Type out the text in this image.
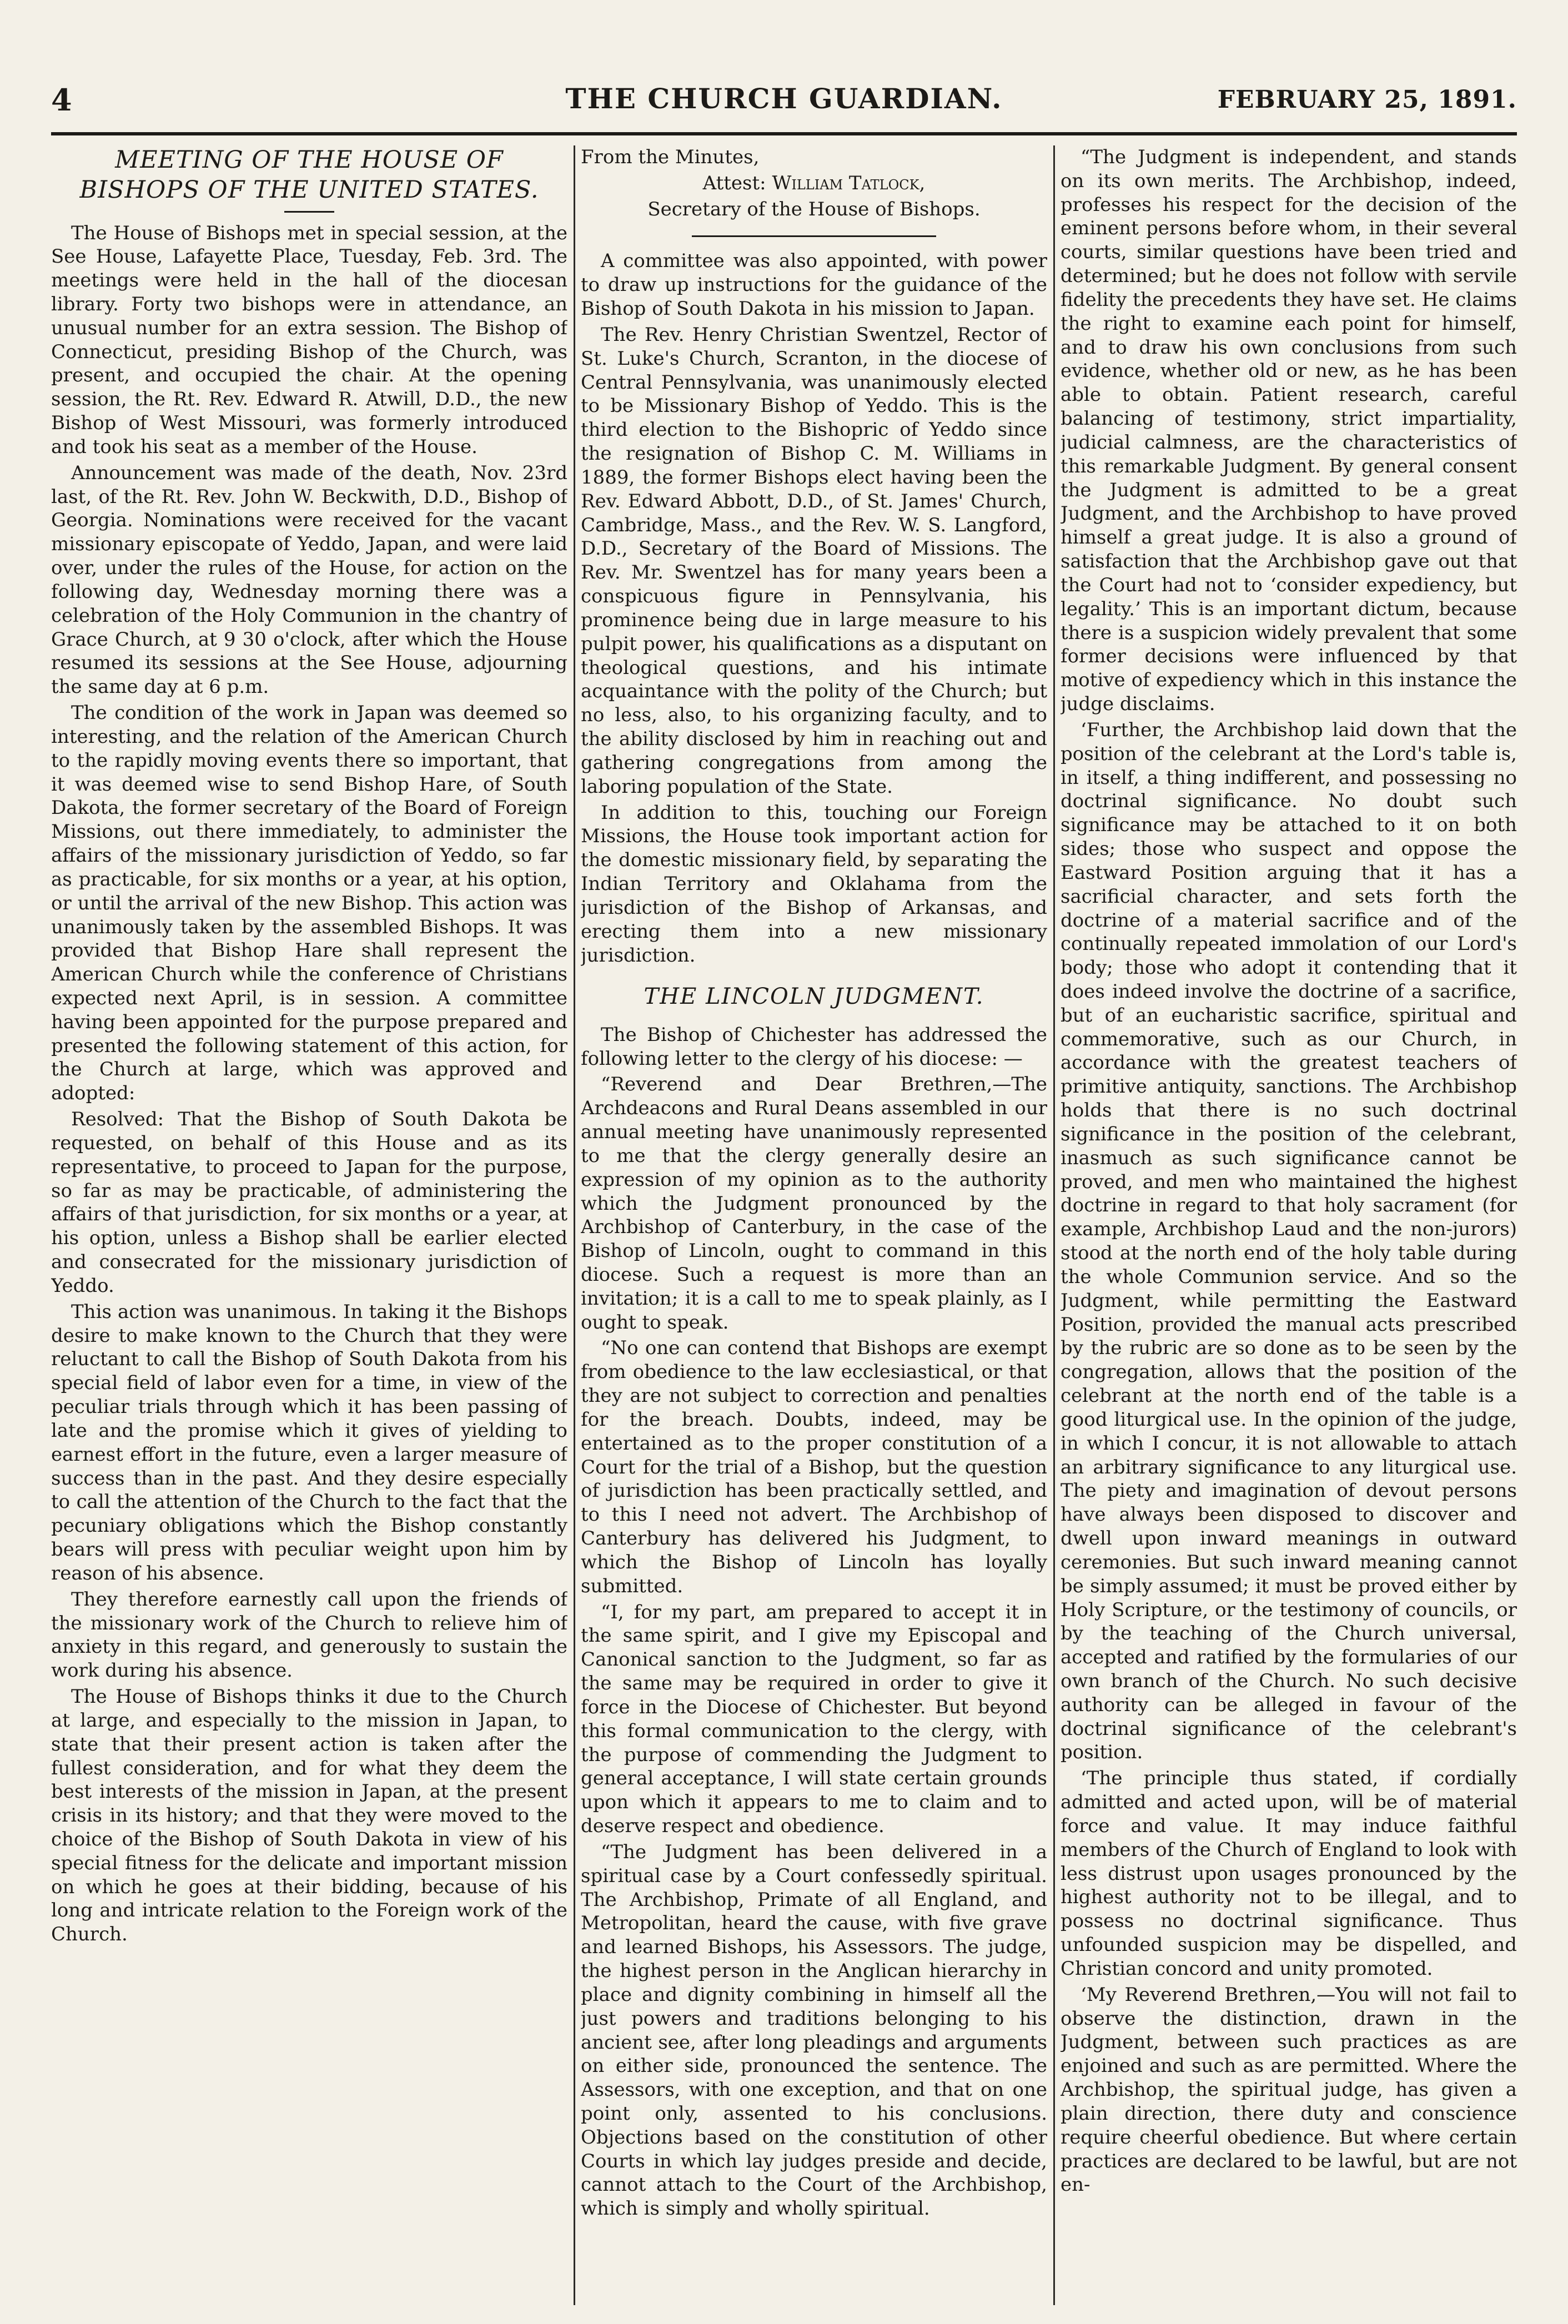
4	THE CHURCH GUARDIAN.	FEBRUARY 25, 1891.
MEETING OF THE HOUSE OF BISHOPS OF THE UNITED STATES.

The House of Bishops met in special session, at the See House, Lafayette Place, Tuesday, Feb. 3rd. The meetings were held in the hall of the diocesan library. Forty two bishops were in attendance, an unusual number for an extra session. The Bishop of Connecticut, presiding Bishop of the Church, was present, and occupied the chair. At the opening session, the Rt. Rev. Edward R. Atwill, D.D., the new Bishop of West Missouri, was formerly introduced and took his seat as a member of the House.

Announcement was made of the death, Nov. 23rd last, of the Rt. Rev. John W. Beckwith, D.D., Bishop of Georgia. Nominations were received for the vacant missionary episcopate of Yeddo, Japan, and were laid over, under the rules of the House, for action on the following day, Wednesday morning there was a celebration of the Holy Communion in the chantry of Grace Church, at 9 30 o'clock, after which the House resumed its sessions at the See House, adjourning the same day at 6 p.m.

The condition of the work in Japan was deemed so interesting, and the relation of the American Church to the rapidly moving events there so important, that it was deemed wise to send Bishop Hare, of South Dakota, the former secretary of the Board of Foreign Missions, out there immediately, to administer the affairs of the missionary jurisdiction of Yeddo, so far as practicable, for six months or a year, at his option, or until the arrival of the new Bishop. This action was unanimously taken by the assembled Bishops. It was provided that Bishop Hare shall represent the American Church while the conference of Christians expected next April, is in session. A committee having been appointed for the purpose prepared and presented the following statement of this action, for the Church at large, which was approved and adopted:

Resolved: That the Bishop of South Dakota be requested, on behalf of this House and as its representative, to proceed to Japan for the purpose, so far as may be practicable, of administering the affairs of that jurisdiction, for six months or a year, at his option, unless a Bishop shall be earlier elected and consecrated for the missionary jurisdiction of Yeddo.

This action was unanimous. In taking it the Bishops desire to make known to the Church that they were reluctant to call the Bishop of South Dakota from his special field of labor even for a time, in view of the peculiar trials through which it has been passing of late and the promise which it gives of yielding to earnest effort in the future, even a larger measure of success than in the past. And they desire especially to call the attention of the Church to the fact that the pecuniary obligations which the Bishop constantly bears will press with peculiar weight upon him by reason of his absence.

They therefore earnestly call upon the friends of the missionary work of the Church to relieve him of anxiety in this regard, and generously to sustain the work during his absence.

The House of Bishops thinks it due to the Church at large, and especially to the mission in Japan, to state that their present action is taken after the fullest consideration, and for what they deem the best interests of the mission in Japan, at the present crisis in its history; and that they were moved to the choice of the Bishop of South Dakota in view of his special fitness for the delicate and important mission on which he goes at their bidding, because of his long and intricate relation to the Foreign work of the Church.

From the Minutes,

Attest: William Tatlock,

Secretary of the House of Bishops.

A committee was also appointed, with power to draw up instructions for the guidance of the Bishop of South Dakota in his mission to Japan.

The Rev. Henry Christian Swentzel, Rector of St. Luke's Church, Scranton, in the diocese of Central Pennsylvania, was unanimously elected to be Missionary Bishop of Yeddo. This is the third election to the Bishopric of Yeddo since the resignation of Bishop C. M. Williams in 1889, the former Bishops elect having been the Rev. Edward Abbott, D.D., of St. James' Church, Cambridge, Mass., and the Rev. W. S. Langford, D.D., Secretary of the Board of Missions. The Rev. Mr. Swentzel has for many years been a conspicuous figure in Pennsylvania, his prominence being due in large measure to his pulpit power, his qualifications as a disputant on theological questions, and his intimate acquaintance with the polity of the Church; but no less, also, to his organizing faculty, and to the ability disclosed by him in reaching out and gathering congregations from among the laboring population of the State.

In addition to this, touching our Foreign Missions, the House took important action for the domestic missionary field, by separating the Indian Territory and Oklahama from the jurisdiction of the Bishop of Arkansas, and erecting them into a new missionary jurisdiction.

THE LINCOLN JUDGMENT.

The Bishop of Chichester has addressed the following letter to the clergy of his diocese: —

“Reverend and Dear Brethren,—The Archdeacons and Rural Deans assembled in our annual meeting have unanimously represented to me that the clergy generally desire an expression of my opinion as to the authority which the Judgment pronounced by the Archbishop of Canterbury, in the case of the Bishop of Lincoln, ought to command in this diocese. Such a request is more than an invitation; it is a call to me to speak plainly, as I ought to speak.

“No one can contend that Bishops are exempt from obedience to the law ecclesiastical, or that they are not subject to correction and penalties for the breach. Doubts, indeed, may be entertained as to the proper constitution of a Court for the trial of a Bishop, but the question of jurisdiction has been practically settled, and to this I need not advert. The Archbishop of Canterbury has delivered his Judgment, to which the Bishop of Lincoln has loyally submitted.

“I, for my part, am prepared to accept it in the same spirit, and I give my Episcopal and Canonical sanction to the Judgment, so far as the same may be required in order to give it force in the Diocese of Chichester. But beyond this formal communication to the clergy, with the purpose of commending the Judgment to general acceptance, I will state certain grounds upon which it appears to me to claim and to deserve respect and obedience.

“The Judgment has been delivered in a spiritual case by a Court confessedly spiritual. The Archbishop, Primate of all England, and Metropolitan, heard the cause, with five grave and learned Bishops, his Assessors. The judge, the highest person in the Anglican hierarchy in place and dignity combining in himself all the just powers and traditions belonging to his ancient see, after long pleadings and arguments on either side, pronounced the sentence. The Assessors, with one exception, and that on one point only, assented to his conclusions. Objections based on the constitution of other Courts in which lay judges preside and decide, cannot attach to the Court of the Archbishop, which is simply and wholly spiritual.

“The Judgment is independent, and stands on its own merits. The Archbishop, indeed, professes his respect for the decision of the eminent persons before whom, in their several courts, similar questions have been tried and determined; but he does not follow with servile fidelity the precedents they have set. He claims the right to examine each point for himself, and to draw his own conclusions from such evidence, whether old or new, as he has been able to obtain. Patient research, careful balancing of testimony, strict impartiality, judicial calmness, are the characteristics of this remarkable Judgment. By general consent the Judgment is admitted to be a great Judgment, and the Archbishop to have proved himself a great judge. It is also a ground of satisfaction that the Archbishop gave out that the Court had not to ‘consider expediency, but legality.’ This is an important dictum, because there is a suspicion widely prevalent that some former decisions were influenced by that motive of expediency which in this instance the judge disclaims.

‘Further, the Archbishop laid down that the position of the celebrant at the Lord's table is, in itself, a thing indifferent, and possessing no doctrinal significance. No doubt such significance may be attached to it on both sides; those who suspect and oppose the Eastward Position arguing that it has a sacrificial character, and sets forth the doctrine of a material sacrifice and of the continually repeated immolation of our Lord's body; those who adopt it contending that it does indeed involve the doctrine of a sacrifice, but of an eucharistic sacrifice, spiritual and commemorative, such as our Church, in accordance with the greatest teachers of primitive antiquity, sanctions. The Archbishop holds that there is no such doctrinal significance in the position of the celebrant, inasmuch as such significance cannot be proved, and men who maintained the highest doctrine in regard to that holy sacrament (for example, Archbishop Laud and the non-jurors) stood at the north end of the holy table during the whole Communion service. And so the Judgment, while permitting the Eastward Position, provided the manual acts prescribed by the rubric are so done as to be seen by the congregation, allows that the position of the celebrant at the north end of the table is a good liturgical use. In the opinion of the judge, in which I concur, it is not allowable to attach an arbitrary significance to any liturgical use. The piety and imagination of devout persons have always been disposed to discover and dwell upon inward meanings in outward ceremonies. But such inward meaning cannot be simply assumed; it must be proved either by Holy Scripture, or the testimony of councils, or by the teaching of the Church universal, accepted and ratified by the formularies of our own branch of the Church. No such decisive authority can be alleged in favour of the doctrinal significance of the celebrant's position.

‘The principle thus stated, if cordially admitted and acted upon, will be of material force and value. It may induce faithful members of the Church of England to look with less distrust upon usages pronounced by the highest authority not to be illegal, and to possess no doctrinal significance. Thus unfounded suspicion may be dispelled, and Christian concord and unity promoted.

‘My Reverend Brethren,—You will not fail to observe the distinction, drawn in the Judgment, between such practices as are enjoined and such as are permitted. Where the Archbishop, the spiritual judge, has given a plain direction, there duty and conscience require cheerful obedience. But where certain practices are declared to be lawful, but are not en-
